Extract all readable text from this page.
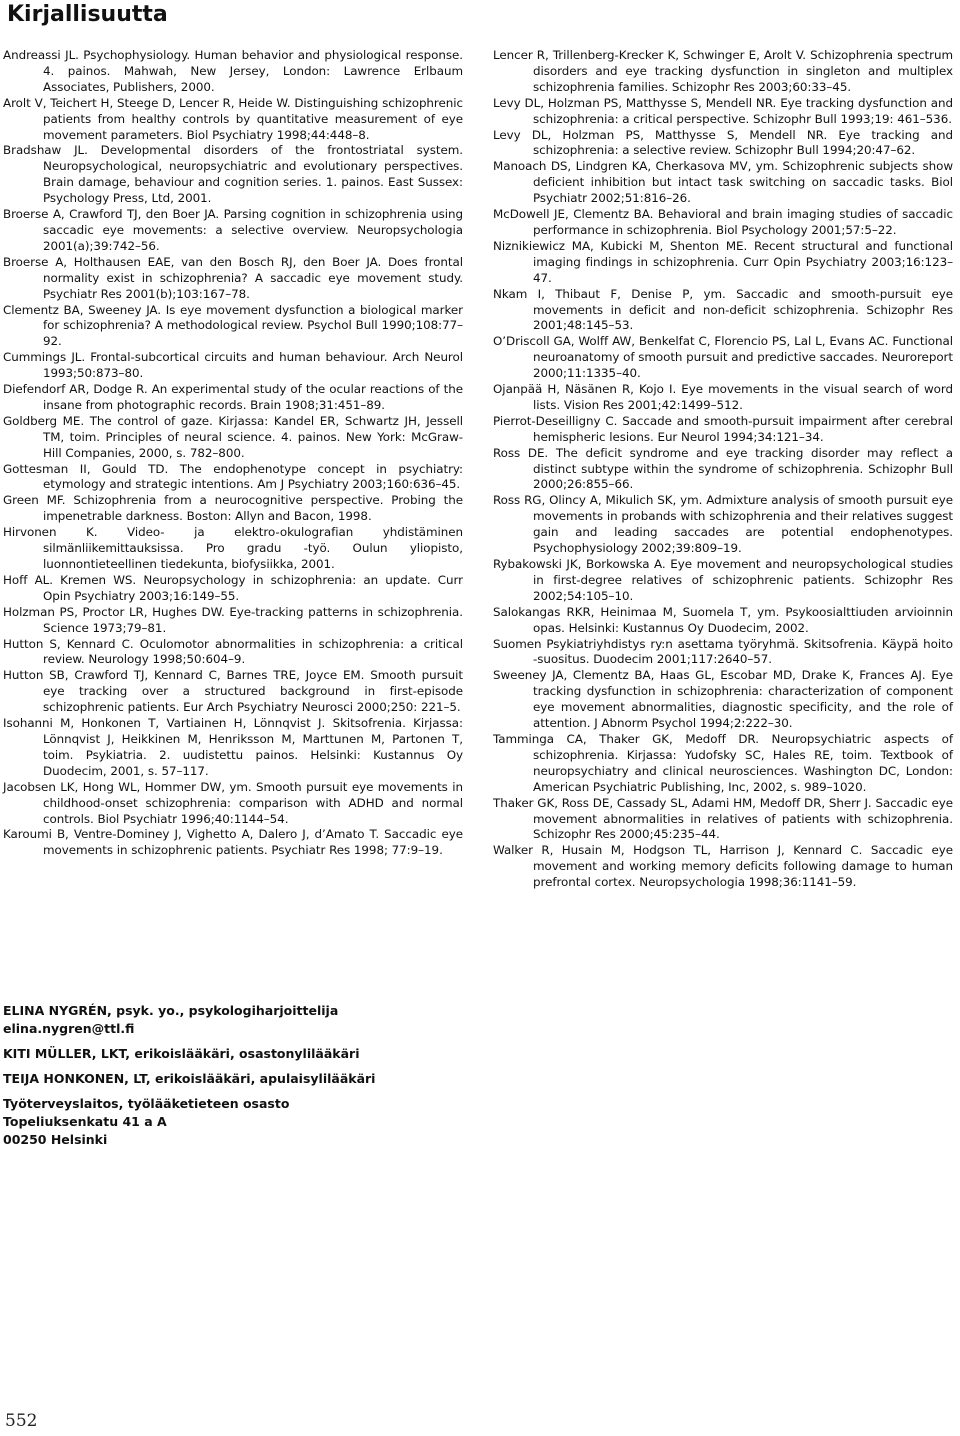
Kirjallisuutta

Andreassi JL. Psychophysiology. Human behavior and physiological response. 4. painos. Mahwah, New Jersey, London: Lawrence Erlbaum Associates, Publishers, 2000.

Arolt V, Teichert H, Steege D, Lencer R, Heide W. Distinguishing schizophrenic patients from healthy controls by quantitative measurement of eye movement parameters. Biol Psychiatry 1998;44:448–8.

Bradshaw JL. Developmental disorders of the frontostriatal system. Neuropsychological, neuropsychiatric and evolutionary perspectives. Brain damage, behaviour and cognition series. 1. painos. East Sussex: Psychology Press, Ltd, 2001.

Broerse A, Crawford TJ, den Boer JA. Parsing cognition in schizophrenia using saccadic eye movements: a selective overview. Neuropsychologia 2001(a);39:742–56.

Broerse A, Holthausen EAE, van den Bosch RJ, den Boer JA. Does frontal normality exist in schizophrenia? A saccadic eye movement study. Psychiatr Res 2001(b);103:167–78.

Clementz BA, Sweeney JA. Is eye movement dysfunction a biological marker for schizophrenia? A methodological review. Psychol Bull 1990;108:77–92.

Cummings JL. Frontal-subcortical circuits and human behaviour. Arch Neurol 1993;50:873–80.

Diefendorf AR, Dodge R. An experimental study of the ocular reactions of the insane from photographic records. Brain 1908;31:451–89.

Goldberg ME. The control of gaze. Kirjassa: Kandel ER, Schwartz JH, Jessell TM, toim. Principles of neural science. 4. painos. New York: McGraw-Hill Companies, 2000, s. 782–800.

Gottesman II, Gould TD. The endophenotype concept in psychiatry: etymology and strategic intentions. Am J Psychiatry 2003;160:636–45.

Green MF. Schizophrenia from a neurocognitive perspective. Probing the impenetrable darkness. Boston: Allyn and Bacon, 1998.

Hirvonen K. Video- ja elektro-okulografian yhdistäminen silmänliikemittauksissa. Pro gradu -työ. Oulun yliopisto, luonnontieteellinen tiedekunta, biofysiikka, 2001.

Hoff AL. Kremen WS. Neuropsychology in schizophrenia: an update. Curr Opin Psychiatry 2003;16:149–55.

Holzman PS, Proctor LR, Hughes DW. Eye-tracking patterns in schizophrenia. Science 1973;79–81.

Hutton S, Kennard C. Oculomotor abnormalities in schizophrenia: a critical review. Neurology 1998;50:604–9.

Hutton SB, Crawford TJ, Kennard C, Barnes TRE, Joyce EM. Smooth pursuit eye tracking over a structured background in first-episode schizophrenic patients. Eur Arch Psychiatry Neurosci 2000;250: 221–5.

Isohanni M, Honkonen T, Vartiainen H, Lönnqvist J. Skitsofrenia. Kirjassa: Lönnqvist J, Heikkinen M, Henriksson M, Marttunen M, Partonen T, toim. Psykiatria. 2. uudistettu painos. Helsinki: Kustannus Oy Duodecim, 2001, s. 57–117.

Jacobsen LK, Hong WL, Hommer DW, ym. Smooth pursuit eye movements in childhood-onset schizophrenia: comparison with ADHD and normal controls. Biol Psychiatr 1996;40:1144–54.

Karoumi B, Ventre-Dominey J, Vighetto A, Dalero J, d’Amato T. Saccadic eye movements in schizophrenic patients. Psychiatr Res 1998; 77:9–19.

Lencer R, Trillenberg-Krecker K, Schwinger E, Arolt V. Schizophrenia spectrum disorders and eye tracking dysfunction in singleton and multiplex schizophrenia families. Schizophr Res 2003;60:33–45.

Levy DL, Holzman PS, Matthysse S, Mendell NR. Eye tracking dysfunction and schizophrenia: a critical perspective. Schizophr Bull 1993;19: 461–536.

Levy DL, Holzman PS, Matthysse S, Mendell NR. Eye tracking and schizophrenia: a selective review. Schizophr Bull 1994;20:47–62.

Manoach DS, Lindgren KA, Cherkasova MV, ym. Schizophrenic subjects show deficient inhibition but intact task switching on saccadic tasks. Biol Psychiatr 2002;51:816–26.

McDowell JE, Clementz BA. Behavioral and brain imaging studies of saccadic performance in schizophrenia. Biol Psychology 2001;57:5–22.

Niznikiewicz MA, Kubicki M, Shenton ME. Recent structural and functional imaging findings in schizophrenia. Curr Opin Psychiatry 2003;16:123–47.

Nkam I, Thibaut F, Denise P, ym. Saccadic and smooth-pursuit eye movements in deficit and non-deficit schizophrenia. Schizophr Res 2001;48:145–53.

O’Driscoll GA, Wolff AW, Benkelfat C, Florencio PS, Lal L, Evans AC. Functional neuroanatomy of smooth pursuit and predictive saccades. Neuroreport 2000;11:1335–40.

Ojanpää H, Näsänen R, Kojo I. Eye movements in the visual search of word lists. Vision Res 2001;42:1499–512.

Pierrot-Deseilligny C. Saccade and smooth-pursuit impairment after cerebral hemispheric lesions. Eur Neurol 1994;34:121–34.

Ross DE. The deficit syndrome and eye tracking disorder may reflect a distinct subtype within the syndrome of schizophrenia. Schizophr Bull 2000;26:855–66.

Ross RG, Olincy A, Mikulich SK, ym. Admixture analysis of smooth pursuit eye movements in probands with schizophrenia and their relatives suggest gain and leading saccades are potential endophenotypes. Psychophysiology 2002;39:809–19.

Rybakowski JK, Borkowska A. Eye movement and neuropsychological studies in first-degree relatives of schizophrenic patients. Schizophr Res 2002;54:105–10.

Salokangas RKR, Heinimaa M, Suomela T, ym. Psykoosialttiuden arvioinnin opas. Helsinki: Kustannus Oy Duodecim, 2002.

Suomen Psykiatriyhdistys ry:n asettama työryhmä. Skitsofrenia. Käypä hoito -suositus. Duodecim 2001;117:2640–57.

Sweeney JA, Clementz BA, Haas GL, Escobar MD, Drake K, Frances AJ. Eye tracking dysfunction in schizophrenia: characterization of component eye movement abnormalities, diagnostic specificity, and the role of attention. J Abnorm Psychol 1994;2:222–30.

Tamminga CA, Thaker GK, Medoff DR. Neuropsychiatric aspects of schizophrenia. Kirjassa: Yudofsky SC, Hales RE, toim. Textbook of neuropsychiatry and clinical neurosciences. Washington DC, London: American Psychiatric Publishing, Inc, 2002, s. 989–1020.

Thaker GK, Ross DE, Cassady SL, Adami HM, Medoff DR, Sherr J. Saccadic eye movement abnormalities in relatives of patients with schizophrenia. Schizophr Res 2000;45:235–44.

Walker R, Husain M, Hodgson TL, Harrison J, Kennard C. Saccadic eye movement and working memory deficits following damage to human prefrontal cortex. Neuropsychologia 1998;36:1141–59.

ELINA NYGRÉN, psyk. yo., psykologiharjoittelija
elina.nygren@ttl.fi
KITI MÜLLER, LKT, erikoislääkäri, osastonylilääkäri
TEIJA HONKONEN, LT, erikoislääkäri, apulaisylilääkäri
Työterveyslaitos, työlääketieteen osasto
Topeliuksenkatu 41 a A
00250 Helsinki
552
